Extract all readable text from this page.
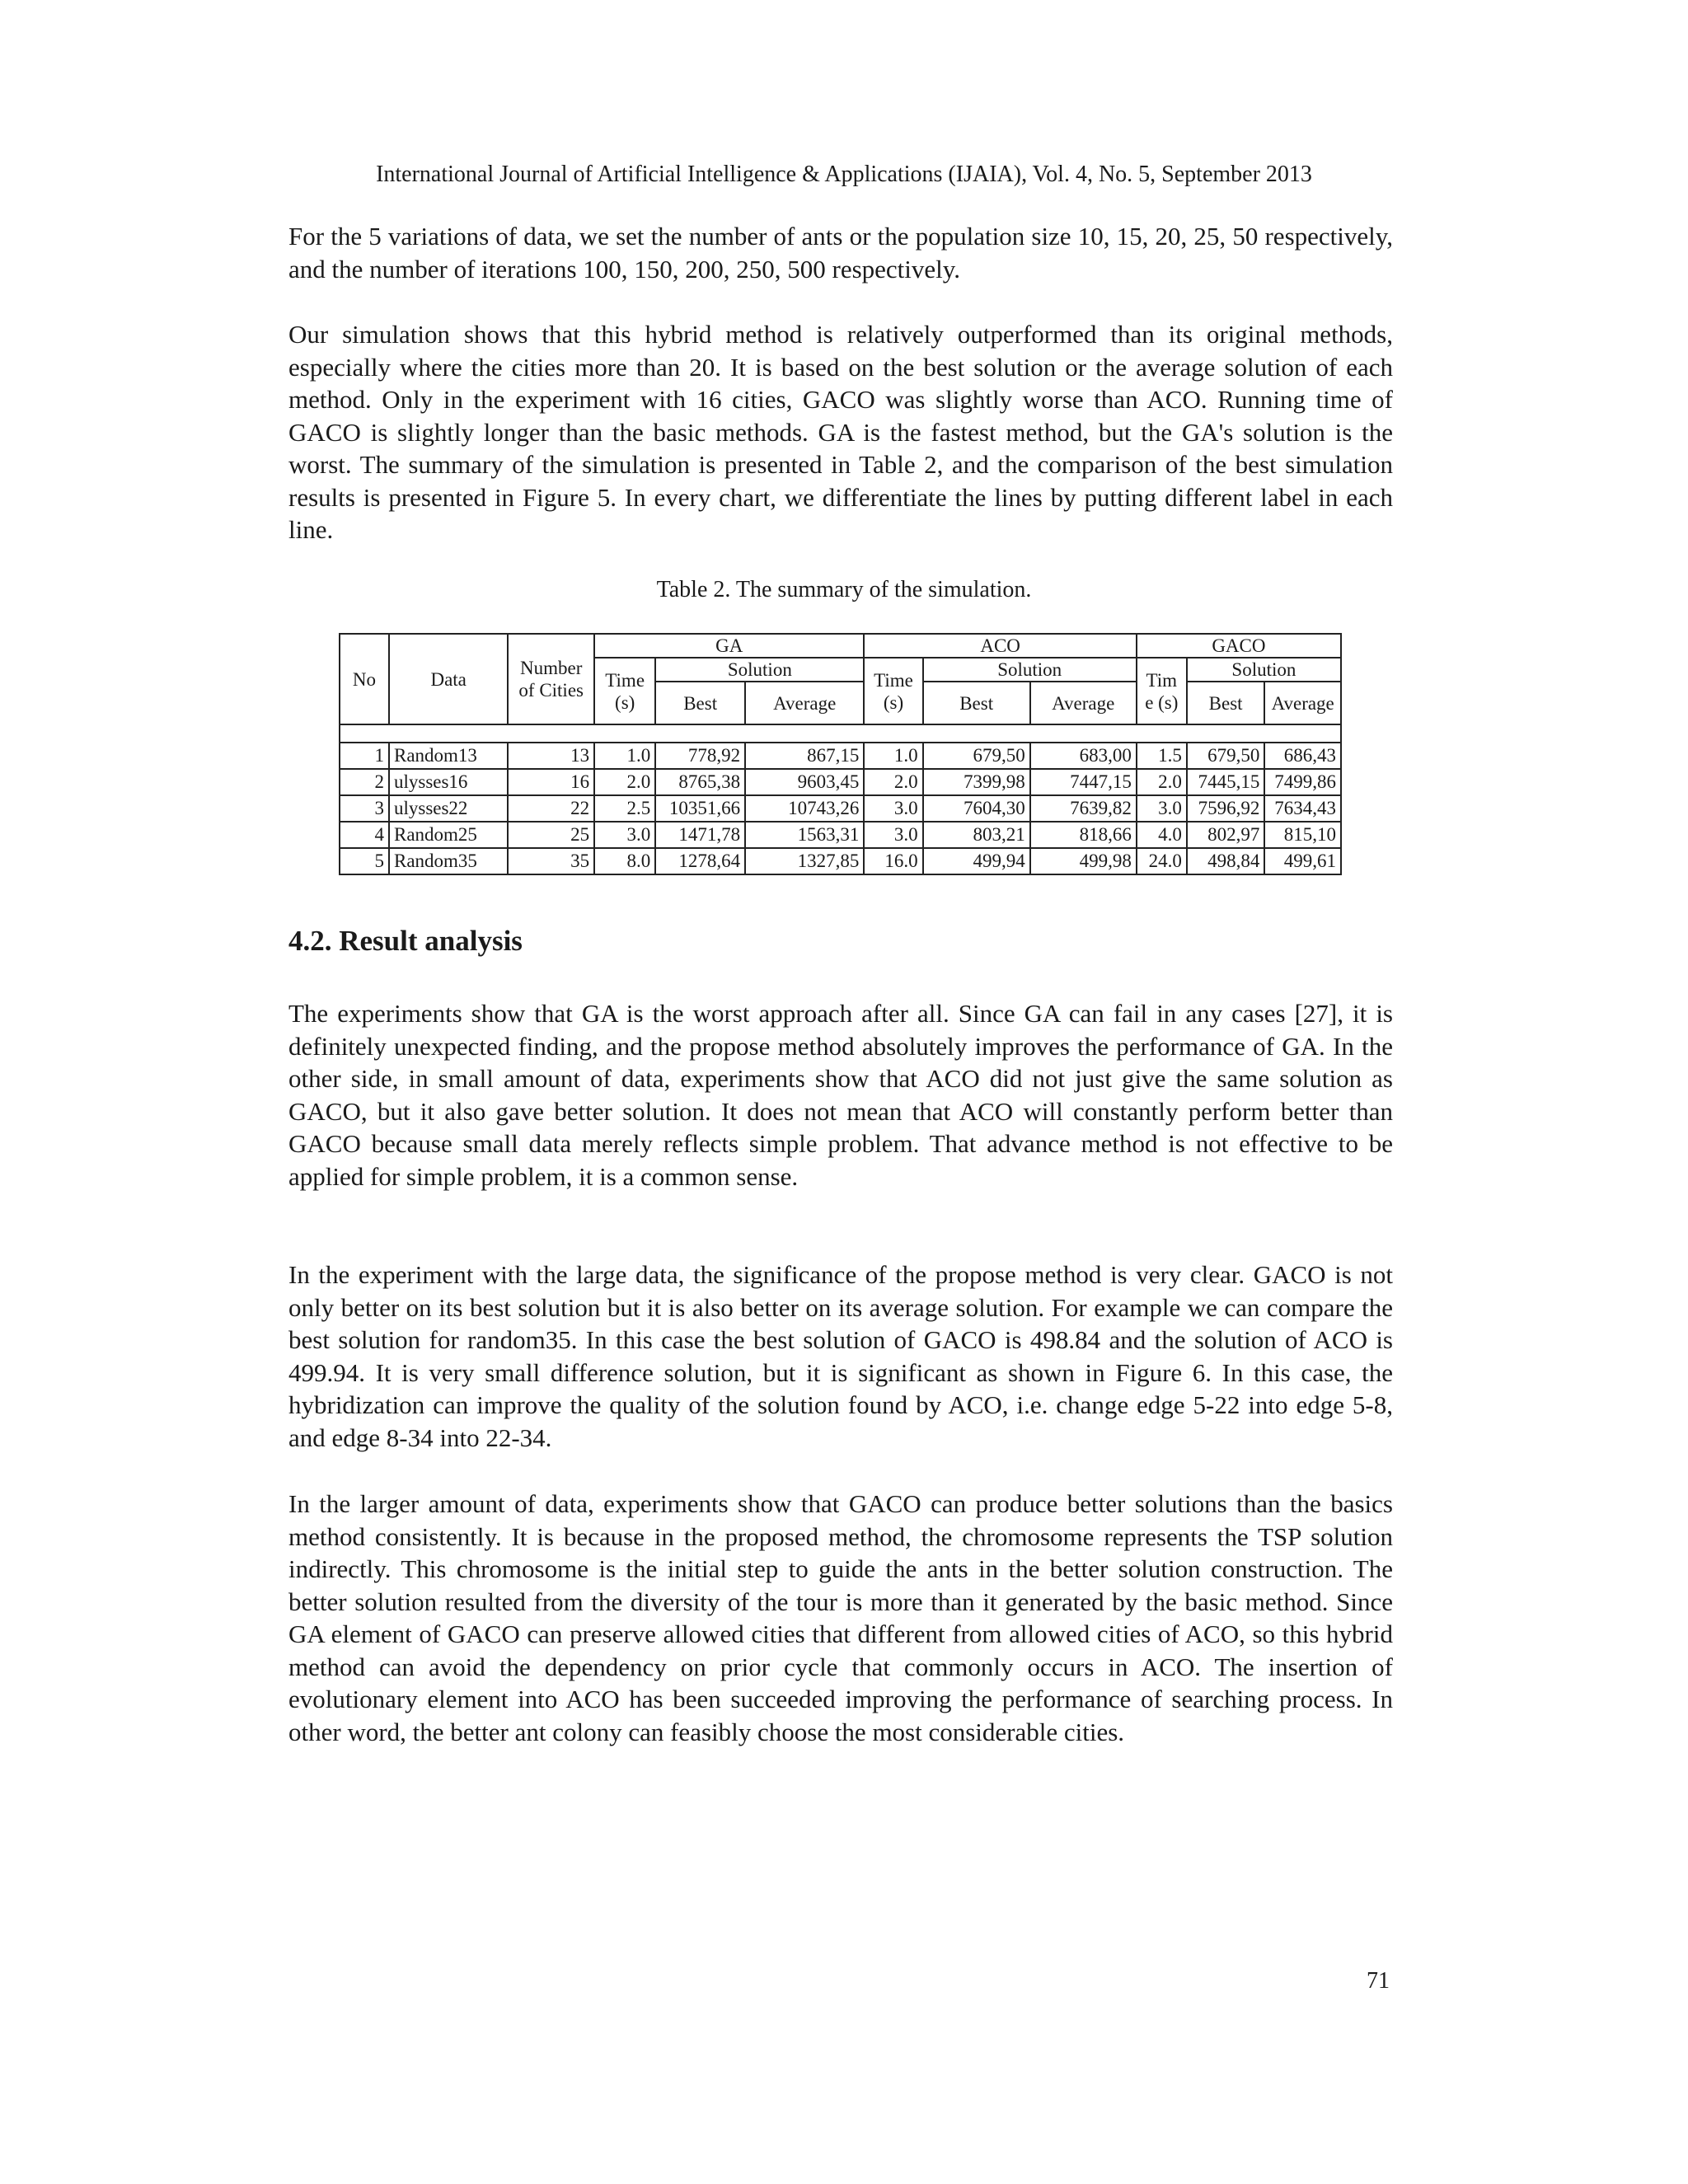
International Journal of Artificial Intelligence & Applications (IJAIA), Vol. 4, No. 5, September 2013

For the 5 variations of data, we set the number of ants or the population size 10, 15, 20, 25, 50 respectively, and the number of iterations 100, 150, 200, 250, 500 respectively.

Our simulation shows that this hybrid method is relatively outperformed than its original methods, especially where the cities more than 20. It is based on the best solution or the average solution of each method. Only in the experiment with 16 cities, GACO was slightly worse than ACO. Running time of GACO is slightly longer than the basic methods. GA is the fastest method, but the GA's solution is the worst. The summary of the simulation is presented in Table 2, and the comparison of the best simulation results is presented in Figure 5. In every chart, we differentiate the lines by putting different label in each line.

Table 2. The summary of the simulation.
No	Data	Number of Cities	GA			ACO			GACO		
			Time (s)	Solution		Time (s)	Solution		Tim e (s)	Solution	
				Best	Average		Best	Average		Best	Average

1	Random13	13	1.0	778,92	867,15	1.0	679,50	683,00	1.5	679,50	686,43
2	ulysses16	16	2.0	8765,38	9603,45	2.0	7399,98	7447,15	2.0	7445,15	7499,86
3	ulysses22	22	2.5	10351,66	10743,26	3.0	7604,30	7639,82	3.0	7596,92	7634,43
4	Random25	25	3.0	1471,78	1563,31	3.0	803,21	818,66	4.0	802,97	815,10
5	Random35	35	8.0	1278,64	1327,85	16.0	499,94	499,98	24.0	498,84	499,61
4.2. Result analysis

The experiments show that GA is the worst approach after all. Since GA can fail in any cases [27], it is definitely unexpected finding, and the propose method absolutely improves the performance of GA. In the other side, in small amount of data, experiments show that ACO did not just give the same solution as GACO, but it also gave better solution. It does not mean that ACO will constantly perform better than GACO because small data merely reflects simple problem. That advance method is not effective to be applied for simple problem, it is a common sense.

In the experiment with the large data, the significance of the propose method is very clear. GACO is not only better on its best solution but it is also better on its average solution. For example we can compare the best solution for random35. In this case the best solution of GACO is 498.84 and the solution of ACO is 499.94. It is very small difference solution, but it is significant as shown in Figure 6. In this case, the hybridization can improve the quality of the solution found by ACO, i.e. change edge 5-22 into edge 5-8, and edge 8-34 into 22-34.

In the larger amount of data, experiments show that GACO can produce better solutions than the basics method consistently. It is because in the proposed method, the chromosome represents the TSP solution indirectly. This chromosome is the initial step to guide the ants in the better solution construction. The better solution resulted from the diversity of the tour is more than it generated by the basic method. Since GA element of GACO can preserve allowed cities that different from allowed cities of ACO, so this hybrid method can avoid the dependency on prior cycle that commonly occurs in ACO. The insertion of evolutionary element into ACO has been succeeded improving the performance of searching process. In other word, the better ant colony can feasibly choose the most considerable cities.

71
